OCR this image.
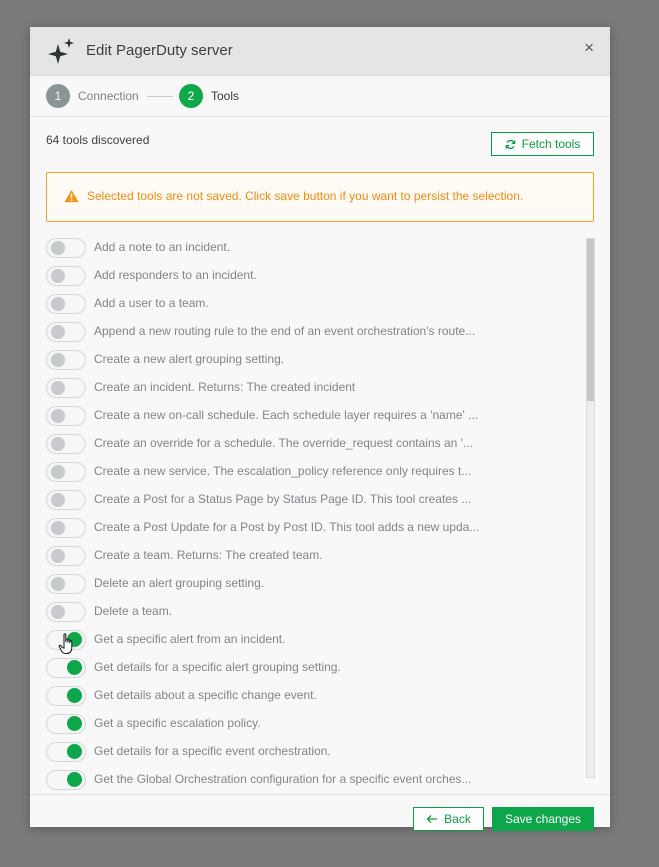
Edit PagerDuty server	×
1	Connection	2	Tools
64 tools discovered	Fetch tools
Selected tools are not saved. Click save button if you want to persist the selection.
Add a note to an incident.
Add responders to an incident.
Add a user to a team.
Append a new routing rule to the end of an event orchestration's route...
Create a new alert grouping setting.
Create an incident. Returns: The created incident
Create a new on-call schedule. Each schedule layer requires a 'name' ...
Create an override for a schedule. The override_request contains an '...
Create a new service. The escalation_policy reference only requires t...
Create a Post for a Status Page by Status Page ID. This tool creates ...
Create a Post Update for a Post by Post ID. This tool adds a new upda...
Create a team. Returns: The created team.
Delete an alert grouping setting.
Delete a team.
Get a specific alert from an incident.
Get details for a specific alert grouping setting.
Get details about a specific change event.
Get a specific escalation policy.
Get details for a specific event orchestration.
Get the Global Orchestration configuration for a specific event orches...
Back	Save changes
